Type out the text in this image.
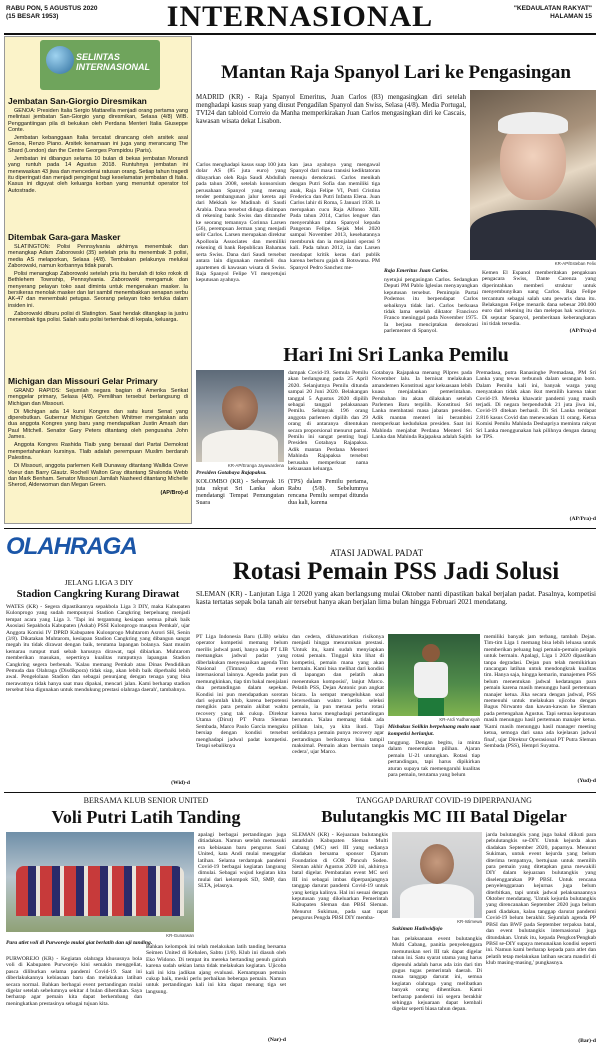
RABU PON, 5 AGUSTUS 2020
(15 BESAR 1953)	INTERNASIONAL	"KEDAULATAN RAKYAT"
HALAMAN 15
SELINTAS INTERNASIONAL
Jembatan San-Giorgio Diresmikan

GENOA: Presiden Italia Sergio Mattarella menjadi orang pertama yang melintasi jembatan San-Giorgio yang diresmikan, Selasa (4/8) WIB. Penggantiingan pila di bekukan oleh Perdana Menteri Italia Giuseppe Conte.

Jembatan kebanggaan Italia tercatat dirancang oleh arsitek asal Genoa, Renzo Piano. Arsitek kenamaan ini juga yang merancang The Shard (London) dan the Centre Georges Pompidou (Paris).

Jembatan ini dibangun selama 10 bulan di bekas jembatan Morandi yang runtuh pada 14 Agustus 2018. Runtuhnya jembatan ini menewaskan 43 jiwa dan mencederai ratusan orang. Setiap tahun tragedi itu diperingati dan menjadi pengingat bagi keselamatan jembatan di Italia. Kasus ini diguyat oleh keluarga korban yang menuntut operator tol Autostrade.

Ditembak Gara-gara Masker

SLATINGTON: Polisi Pennsylvania akhirnya menembak dan menangkap Adam Zaborowski (35) setelah pria itu menembak 3 polisi, media AS melaporkan, Selasa (4/8). Tembakan pelakunya melukai Zaborowski, namun korbannya tidak parah.

Polisi menangkap Zaborowski setelah pria itu berulah di toko rokok di Bethlehem Township, Pennsylvania. Zaborowski mengamuk dan menyerang pelayan toko saat diminta untuk mengenakan masker. Ia bersikeras menolak masker dan lari sambil menembakkan senapan serbu AK-47 dan menembaki petugas. Seorang pelayan toko terluka dalam insiden ini.

Zaborowski diburu polisi di Slatington. Saat hendak ditangkap ia justru menembak tiga polisi. Salah satu polisi tertembak di kepala, keluarga.

Michigan dan Missouri Gelar Primary

GRAND RAPIDS: Sejumlah negara bagian di Amerika Serikat menggelar primary, Selasa (4/8). Pemilihan tersebut berlangsung di Michigan dan Missouri.

Di Michigan ada 14 kursi Kongres dan satu kursi Senat yang diperebutkan. Gubernur Michigan Gretchen Whitmer mengatakan ada dua anggota Kongres yang baru yang mendapatkan Justin Amash dan Paul Mitchell. Senator Gary Peters ditantang oleh pengusaha John James.

Anggota Kongres Rashida Tlaib yang berasal dari Partai Demokrat mempertahankan kursinya. Tlaib adalah perempuan Muslim berdarah Palestina.

Di Missouri, anggota parlemen Kelli Dunaway ditantang Wallida Creve Voeur dan Barry Glautz. Rochell Walton Gray ditantang Shalonda Webb dan Mark Benham. Senator Missouri Jamilah Nasheed ditantang Michelle Sherod, Alderwoman dan Megan Green.

(AP/Bro)-d
Mantan Raja Spanyol Lari ke Pengasingan
MADRID (KR) - Raja Spanyol Emeritus, Juan Carlos (83) mengasingkan diri setelah menghadapi kasus suap yang diusut Pengadilan Spanyol dan Swiss, Selasa (4/8). Media Portugal, TVI24 dan tabloid Correio da Manha memperkirakan Juan Carlos mengasingkan diri ke Cascais, kawasan wisata dekat Lisabon.
KR-AP/Esteban Felix
Raja Emeritus Juan Carlos.
Carlos menghadapi kasus suap 100 juta dolar AS (85 juta euro) yang dibayarkan oleh Raja Saudi Abdullah pada tahun 2008, setelah konsorsium perusahaan Spanyol yang menang tender pembangunan jalur kereta api dari Mekkah ke Madinah di Saudi Arabia. Dana tersebut diduga disimpan di rekening bank Swiss dan ditransfer ke seorang temannya Corinna Larsen (56), perempuan Jerman yang menjadi selir Carlos. Larsen merupakan direktur Apollonia Associates dan memiliki rekening di bank Republican Bahamas serta Swiss. Dana dari Saudi tersebut antara lain digunakan membeli dua apartemen di kawasan wisata di Swiss. Raja Spanyol Felipe VI menyetujui keputusan ayahnya.
kan jasa ayahnya yang mengawal Spanyol dari masa transisi kediktatoran menuju demokrasi. Carlos menikah dengan Putri Sofia dan memiliki tiga anak, Raja Felipe VI, Putri Cristina Frederica dan Putri Infanta Elena. Juan Carlos lahir di Roma, 5 Januari 1938. Ia merupakan cucu Raja Alfonso XIII. Pada tahun 2014, Carlos lengser dan menyerahkan tahta Spanyol kepada Pangeran Felipe. Sejak Mei 2020 sampai November 2013, kesehatannya memburuk dan ia menjalani operasi 9 kali. Pada tahun 2012, ia dan Larsen mendapat kritik keras dari publik karena berburu gajah di Botswana. PM Spanyol Pedro Sanchez me-
nyetujui pengasingan Carlos. Sedangkan Deputi PM Pablo Iglesias menyayangkan keputusan tersebut. Pemimpin Partai Podemos itu berpendapat Carlos sebaiknya tidak lari. Carlos berkuasa tidak lama setelah diktator Francisco Franco meninggal pada November 1975. Ia berjasa menciptakan demokrasi parlementer di Spanyol.
Kemen El Espanol memberitakan pengakuan pengacara Swiss, Dante Carenza yang diperintahkan memberi struktur untuk menyembunyikan uang Carlos. Raja Felipe tercantum sebagai salah satu pewaris dana itu. Belakangan Felipe menarik dana sebesar 200.000 euro dari rekening itu dan melepas hak warisnya. Di seputar Spanyol, pemberitaan keberangkatan ini tidak tersedia.
(AP/Pra)-d
Hari Ini Sri Lanka Pemilu
KR-AP/Eranga Jayawardena
Presiden Gotabaya Rajapaksa.
KOLOMBO (KR) - Sebanyak 16 juta rakyat Sri Lanka akan mendatangi Tempat Pemungutan Suara
(TPS) dalam Pemilu pertama, Rabu (5/8). Sebelumnya rencana Pemilu sempat ditunda dua kali, karena
dampak Covid-19. Semula Pemilu akan berlangsung pada 25 April 2020. Selanjutnya Pemilu ditunda sampai 20 Juni 2020. Belakangan tanggal 5 Agustus 2020 dipilih sebagai tanggal pelaksanaan Pemilu. Sebanyak 196 orang anggota parlemen dipilih dan 29 orang di antaranya ditentukan secara proporsional menurut partai. Pemilu ini sangat penting bagi Presiden Gotabaya Rajapaksa. Adik mantan Perdana Menteri Mahinda Rajapaksa tersebut berusaha memperkuat nama kekuasaan keluarga.
Gotabaya Rajapaksa menang Pilpres pada November lalu. Ia bernisat melakukan amandemen Konstitusi agar kekuasaan lebih kuasa menjalankan pemerintahan. Perubahan itu akan dilakukan setelah Parlemen Baru terpilih. Konstitusi Sri Lanka membatasi masa jabatan presiden. Adik mantan menteri ini berambisi memperkuat kedudukan presiden. Saat ini Mahinda menjabat Perdana Menteri Sri Lanka dan Mahinda Rajapaksa adalah Sajith
Premadasa, putra Ranasinghe Premadasa, PM Sri Lanka yang tewas terbunuh dalam serangan bom. Dalam Pemilu kali ini, banyak warga yang menyatakan tidak akan ikut memilih karena takut Covid-19. Mereka khawatir pandemi yang masih terjadi. Di negara berpenduduk 21 juta jiwa ini, Covid-19 ditekan berhasil. Di Sri Lanka terdapat 2.816 kasus Covid dan menewaskan 11 orang. Ketua Komisi Pemilu Mahinda Deshapriya meminta rakyat Sri Lanka menggunakan hak pilihnya dengan datang ke TPS.
(AP/Pra)-d
OLAHRAGA	ATASI JADWAL PADAT
Rotasi Pemain PSS Jadi Solusi
SLEMAN (KR) - Lanjutan Liga 1 2020 yang akan berlangsung mulai Oktober nanti dipastikan bakal berjalan padat. Pasalnya, kompetisi kasta tertatas sepak bola tanah air tersebut hanya akan berjalan lima bulan hingga Februari 2021 mendatang.
PT Liga Indonesia Baru (LIB) selaku operator kompetisi memang belum merilis jadwal pasti, hanya saja PT LIB memangkas jadwal padat yang diberlakukan menyesuaikan agenda Tim Nasional (Timnas) dan event internasional lainnya. Agenda padat pun memungkinkan, tiap tim bakal menjalani dua pertandingan dalam sepekan. Kondisi ini pun mendapatkan sorotan dari sejumlah klub, karena berpotensi mengikis para pemain akibat waktu recovery yang tak cukup. Direktur Utama (Dirut) PT Putra Sleman Sembada, Marco Paulo Garcia mengaku bersiap dengan kondisi tersebut menghadapi jadwal padat kompetisi. Tetapi sebaliknya
dan cedera, dikhawatirkan risikonya menjadi hingga menurunkan prestasi. 'Untuk itu, kami sudah menyiapkan rotasi pemain. Tinggal kita lihat di kompetisi, pemain mana yang akan bermain. Kami bisa melihat dari kondisi di lapangan dan pelatih akan menentukan komposisi', lanjut Marco. Pelatih PSS, Dejan Antonic pun angkat bicara. Ia sempat mengeluhkan soal ketersediaan waktu ketika seleksi pemain, ia pun merasa perlu rotasi karena harus menghadapi pertandingan beruntun. 'Kalau memang tidak ada pilihan lain, ya kita ikuti. Tapi setidaknya pemain punya recovery agar pertandingan berikutnya bisa tampil maksimal. Pemain akan bermain tanpa cedera', ujar Marco.
KR-Ardi Yudhansyah
Misbakus Solikin berpeluang main saat kompetisi berlanjut.
tanggung. Dengan begitu, ia minta dalam menentukan pilihan. Ajaran pemain U-21 untungkan. Rotasi tiap pertandingan, tapi harus dipikirkan aturan supaya tak memengaruhi kualitas para pemain, terutama yang belum
memiliki banyak jam terbang, tambah Dejan. Tim-tim Liga 1 memang bisa lebih leluasa untuk memberikan peluang bagi pemain-pemain pelapis untuk bermain. Apalagi, Liga 1 2020 dipastikan tanpa degradasi. Dejan pun telah memikirkan rancangan latihan untuk mendongkrak kualitas tim. Hanya saja, hingga kemarin, manajemen PSS belum menentukan jadwal kedatangan para pemain karena masih menunggu hasil pertemuan manajer ketua. Jika secara dengan jadwal, PSS memenuhi untuk melakukan ujicoba dengan Bagus Nirwanto dan kawan-kawan ke Sleman pada pertengahan Agustus. Tapi semua keputusan masih menunggu hasil pertemuan manajer ketua. 'Kami masih menunggu hasil manager meeting ketua, semoga dari sana ada kejelasan jadwal final', ujar Direktur Operasional PT Putra Sleman Sembada (PSS), Hempri Suyatna.
(Yud)-d
JELANG LIGA 3 DIY
Stadion Cangkring Kurang Dirawat
WATES (KR) - Segera dipastikannya sepakbola Liga 3 DIY, maka Kabupaten Kulonprogo yang sudah mempunyai Stadion Cangkring berpeluang menjadi tempat acara yang Liga 3. 'Tapi ini tergantung kesiapan semua pihak baik Asosiasi Sepakbola Kabupaten (Askab) PSSI Kulonprogo maupun Pemkab', ujar Anggota Komisi IV DPRD Kabupaten Kulonprogo Muhtarom Asrori SH, Senin (3/8). Dikatakan Muhtarom, kesiapan Stadion Cangkring yang dibangun sangat megah itu tidak dirawat dengan baik, terutama lapangan bolanya. Saat musim kemarau rumput mati sebab harusnya dirawat, tapi dibiarkan. Muhtarom memberikan masukan, sepertinya kualitas rumputnya lapangan Stadion Cangkring segera berbenah. 'Kalau memang Pemkab atau Dinas Pendidikan Pemuda dan Olahraga (Disdikpora) tidak siap, akan lebih baik diperbaiki lebih awal. Pengelolaan Stadion dan sebagai penunjang dengan tenaga yang bisa merawatnya tidak hanya saat mau dipakai, mencari jalan. Kami berharap stadion tersebut bisa digunakan untuk mendukung prestasi olahraga daerah', tambahnya.
(Wid)-d
BERSAMA KLUB SENIOR UNITED
Voli Putri Latih Tanding
KR-Gunarwan
Para atlet voli di Purworejo mulai giat berlatih dan uji tanding.
apalagi berbagai pertandingan juga ditiadakan. Namun setelah memasuki era kebiasaan baru pengurus Sani United, kata Andi mulai menggelar latihan. Selama terdampak pandemi Covid-19 berbagai kegiatan langsung dimulai. Sebagai wujud kegiatan kita mulai dari kelompok SD, SMP, dan SLTA, jelasnya.
PURWOREJO (KR) - Kegiatan olahraga khususnya bola voli di Kabupaten Purworejo kini semakin menggeliat, pasca diliburkan selama pandemi Covid-19. Saat ini diberlakukannya kebiasaan baru dan melakukan latihan secara normal. Bahkan berbagai event pertandingan mulai digelar setelah sebelumnya sekitar 4 bulan dihentikan. Saya berharap agar pemain kita dapat berkembang dan meningkatkan prestasinya sebagai tujuan kita.
Bahkan kelompok ini telah melakukan latih tanding bersama Seimen United di Kebalen, Sabtu (1/8). Klub ini diasuh oleh Eko Widono. Di tempat itu mereka bertanding penuh gairah karena sudah sekian lama tidak melakukan kegiatan. Ujicoba kali ini kita jadikan ajang evaluasi. Kemampuan pemain cukup baik, meski perlu perbaikan beberapa pemain. Namun untuk pertandingan kali ini kita dapat menang tiga set langsung.
(Nar)-d
TANGGAP DARURAT COVID-19 DIPERPANJANG
Bulutangkis MC III Batal Digelar
SLEMAN (KR) - Kejuaraan bulutangkis antarklub Kabupaten Sleman Multi Cabang (MC) seri III yang sedianya diadakan bersama sponsor Djarum Foundation di GOR Pancuh Soden. Sleman akhir Agustus 2020 ini, akhirnya batal digelar. Pembatalan event MC seri III ini sebagai imbas diperpanjangnya tanggap darurat pandemi Covid-19 untuk yang ketiga kalinya. Hal ini sesuai dengan keputusan yang dikeluarkan Pemerintah Kabupaten Sleman dan PBSI Sleman. Menurut Sukiman, pada saat rapat pengurus Pengda PBSI DIY memba-
KR-Istimewa
Sukiman Hadiwidjojo
has pelaksanaan event bulutangkis Multi Cabang, panitia penyelenggara memutuskan seri III tak dapat digelar tahun ini. Satu syarat utama yang harus dipenuhi adalah harus ada izin dari tim gugus tugas pemerintah daerah. Di masa tanggap darurat ini, semua kegiatan olahraga yang melibatkan banyak orang dihentikan. Kami berharap pandemi ini segera berakhir sehingga kejuaraan dapat kembali digelar seperti biasa tahun depan.
jarda bulutangkis yang juga bakal diikuti para pebulutangkis se-DIY. Untuk kejurda akan diadakan September 2020, paparnya. Menurut Sukiman, untuk event kejurda yang belum diterima tempatnya, bertujuan untuk memilih para pemain yang ditetapkan guna mewakili DIY dalam kejuaraan bulutangkis yang diselenggarakan PP PBSI. Untuk rencana penyelenggaraan kejurnas juga belum diterbitkan, tapi untuk jadwal pelaksanaannya Oktober mendatang. 'Untuk kejurda bulutangkis yang direncanakan September 2020 juga belum pasti diadakan, kalau tanggap darurat pandemi Covid-19 belum berakhir. Sejumlah agenda PP PBSI dan BWF pada September terpaksa batal, dan event bulutangkis internasional juga ditundakan. Untuk itu, kepada Pengkot/Pengkab PBSI se-DIY supaya menunaikan kondisi seperti ini. Namun kami berharap kepada para atlet dan pelatih tetap melakukan latihan secara mandiri di klub masing-masing,' pungkasnya.
(Bar)-d
